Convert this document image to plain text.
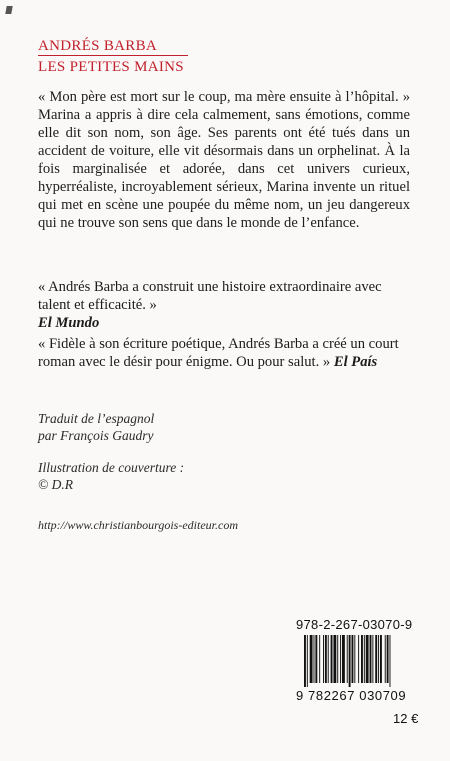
ANDRÉS BARBA
LES PETITES MAINS

« Mon père est mort sur le coup, ma mère ensuite à l’hôpital. » Marina a appris à dire cela calmement, sans émotions, comme elle dit son nom, son âge. Ses parents ont été tués dans un accident de voiture, elle vit désormais dans un orphelinat. À la fois marginalisée et adorée, dans cet univers curieux, hyperréaliste, incroyablement sérieux, Marina invente un rituel qui met en scène une poupée du même nom, un jeu dangereux qui ne trouve son sens que dans le monde de l’enfance.

« Andrés Barba a construit une histoire extraordinaire avec talent et efficacité. »
El Mundo

« Fidèle à son écriture poétique, Andrés Barba a créé un court roman avec le désir pour énigme. Ou pour salut. » El País

Traduit de l’espagnol
par François Gaudry

Illustration de couverture :
© D.R

http://www.christianbourgois-editeur.com
978-2-267-03070-9
9 782267 030709
12 €
